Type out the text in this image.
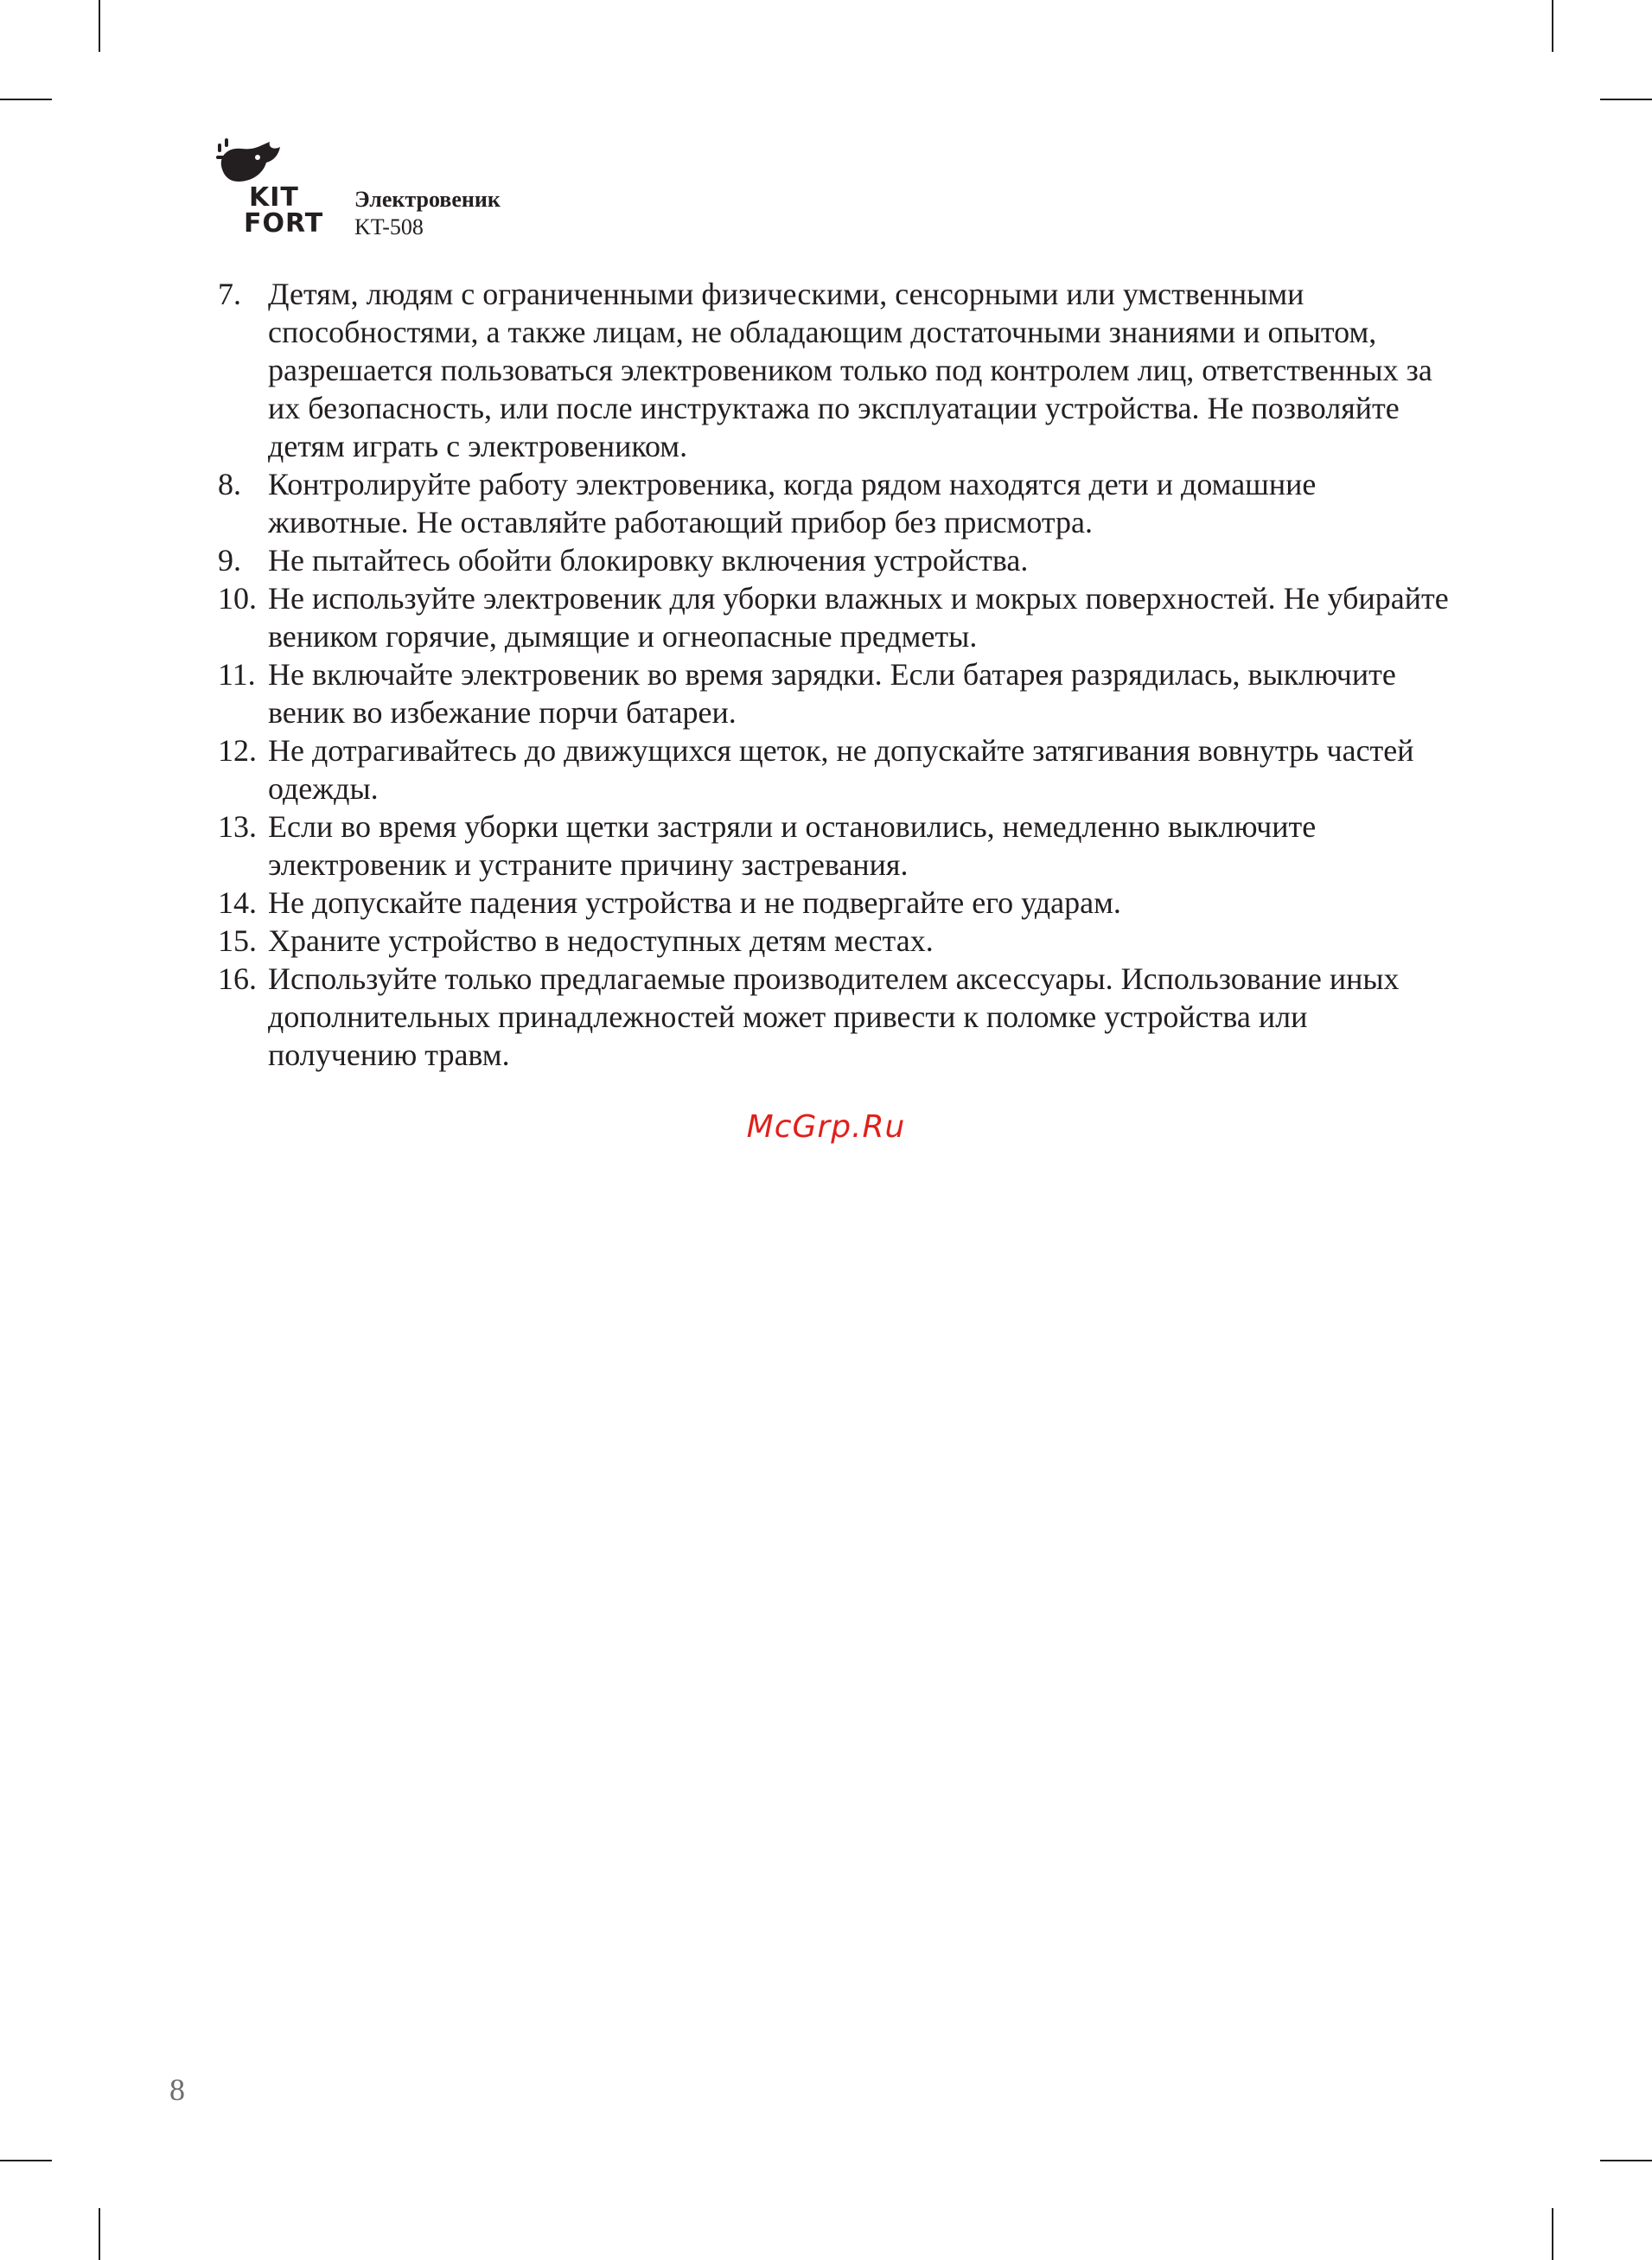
KIT
FORT
Электровеник
KT-508
7. Детям, людям с ограниченными физическими, сенсорными или умственными способностями, а также лицам, не обладающим достаточными знаниями и опытом, разрешается пользоваться электровеником только под контролем лиц, ответственных за их безопасность, или после инструктажа по эксплуатации устройства. Не позволяйте детям играть с электровеником.
8. Контролируйте работу электровеника, когда рядом находятся дети и домашние животные. Не оставляйте работающий прибор без присмотра.
9. Не пытайтесь обойти блокировку включения устройства.
10. Не используйте электровеник для уборки влажных и мокрых поверхностей. Не убирайте веником горячие, дымящие и огнеопасные предметы.
11. Не включайте электровеник во время зарядки. Если батарея разрядилась, выключите веник во избежание порчи батареи.
12. Не дотрагивайтесь до движущихся щеток, не допускайте затягивания вовнутрь частей одежды.
13. Если во время уборки щетки застряли и остановились, немедленно выключите электровеник и устраните причину застревания.
14. Не допускайте падения устройства и не подвергайте его ударам.
15. Храните устройство в недоступных детям местах.
16. Используйте только предлагаемые производителем аксессуары. Использование иных дополнительных принадлежностей может привести к поломке устройства или получению травм.
McGrp.Ru
8
